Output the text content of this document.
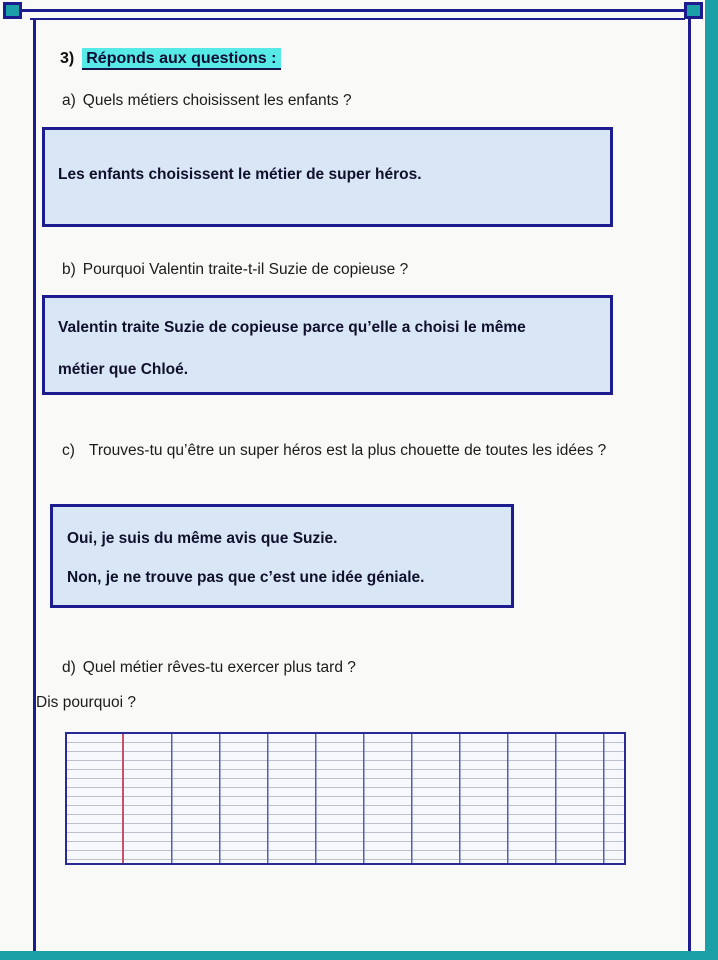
3) Réponds aux questions :
a) Quels métiers choisissent les enfants ?
Les enfants choisissent le métier de super héros.
b) Pourquoi Valentin traite-t-il Suzie de copieuse ?
Valentin traite Suzie de copieuse parce qu’elle a choisi le même
métier que Chloé.
c) Trouves-tu qu’être un super héros est la plus chouette de toutes les idées ?
Oui, je suis du même avis que Suzie.
Non, je ne trouve pas que c’est une idée géniale.
d) Quel métier rêves-tu exercer plus tard ?
Dis pourquoi ?
